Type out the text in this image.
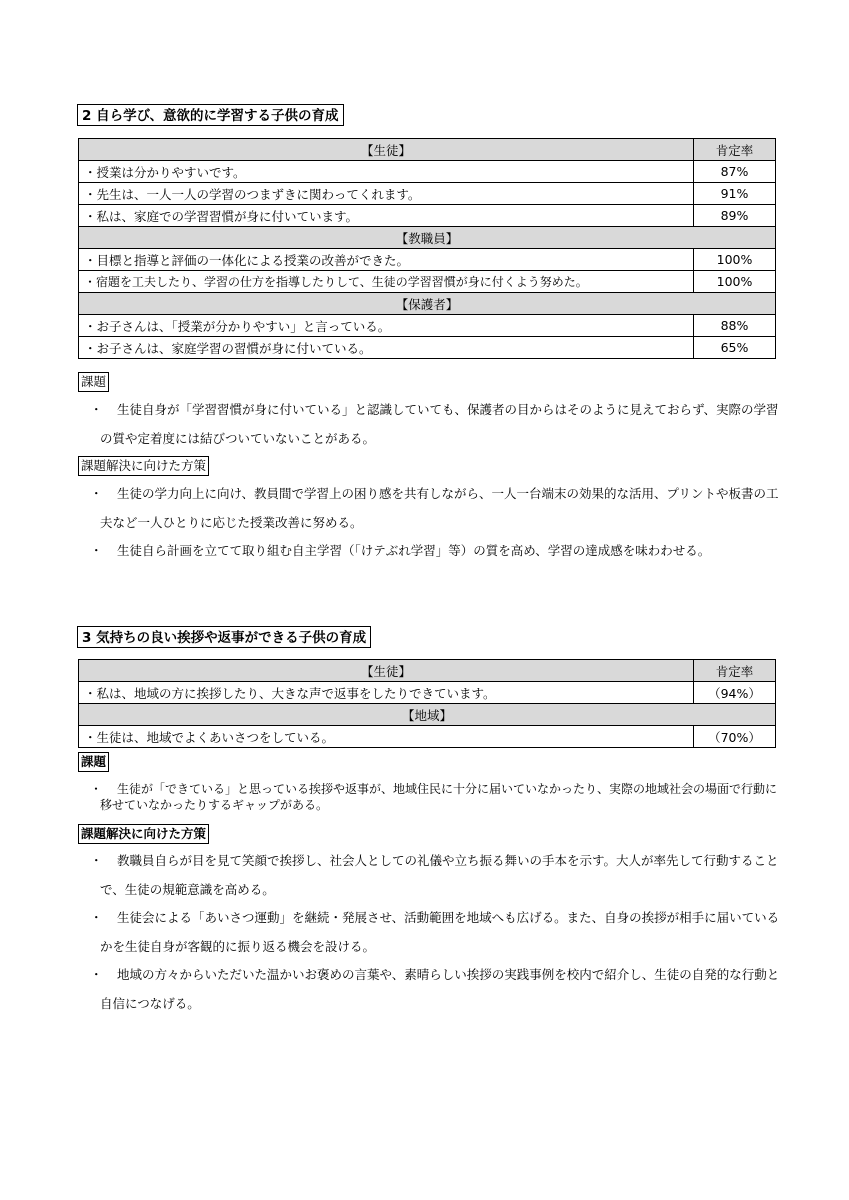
2 自ら学び、意欲的に学習する子供の育成
【生徒】	肯定率
・授業は分かりやすいです。	87%
・先生は、一人一人の学習のつまずきに関わってくれます。	91%
・私は、家庭での学習習慣が身に付いています。	89%
【教職員】	
・目標と指導と評価の一体化による授業の改善ができた。	100%
・宿題を工夫したり、学習の仕方を指導したりして、生徒の学習習慣が身に付くよう努めた。	100%
【保護者】	
・お子さんは、「授業が分かりやすい」と言っている。	88%
・お子さんは、家庭学習の習慣が身に付いている。	65%
課題
・	生徒自身が「学習習慣が身に付いている」と認識していても、保護者の目からはそのように見えておらず、実際の学習の質や定着度には結びついていないことがある。
課題解決に向けた方策
・	生徒の学力向上に向け、教員間で学習上の困り感を共有しながら、一人一台端末の効果的な活用、プリントや板書の工夫など一人ひとりに応じた授業改善に努める。
・	生徒自ら計画を立てて取り組む自主学習（「けテぶれ学習」等）の質を高め、学習の達成感を味わわせる。
3 気持ちの良い挨拶や返事ができる子供の育成
【生徒】	肯定率
・私は、地域の方に挨拶したり、大きな声で返事をしたりできています。	（94%）
【地域】	
・生徒は、地域でよくあいさつをしている。	（70%）
課題
・	生徒が「できている」と思っている挨拶や返事が、地域住民に十分に届いていなかったり、実際の地域社会の場面で行動に移せていなかったりするギャップがある。
課題解決に向けた方策
・	教職員自らが目を見て笑顔で挨拶し、社会人としての礼儀や立ち振る舞いの手本を示す。大人が率先して行動することで、生徒の規範意識を高める。
・	生徒会による「あいさつ運動」を継続・発展させ、活動範囲を地域へも広げる。また、自身の挨拶が相手に届いているかを生徒自身が客観的に振り返る機会を設ける。
・	地域の方々からいただいた温かいお褒めの言葉や、素晴らしい挨拶の実践事例を校内で紹介し、生徒の自発的な行動と自信につなげる。
